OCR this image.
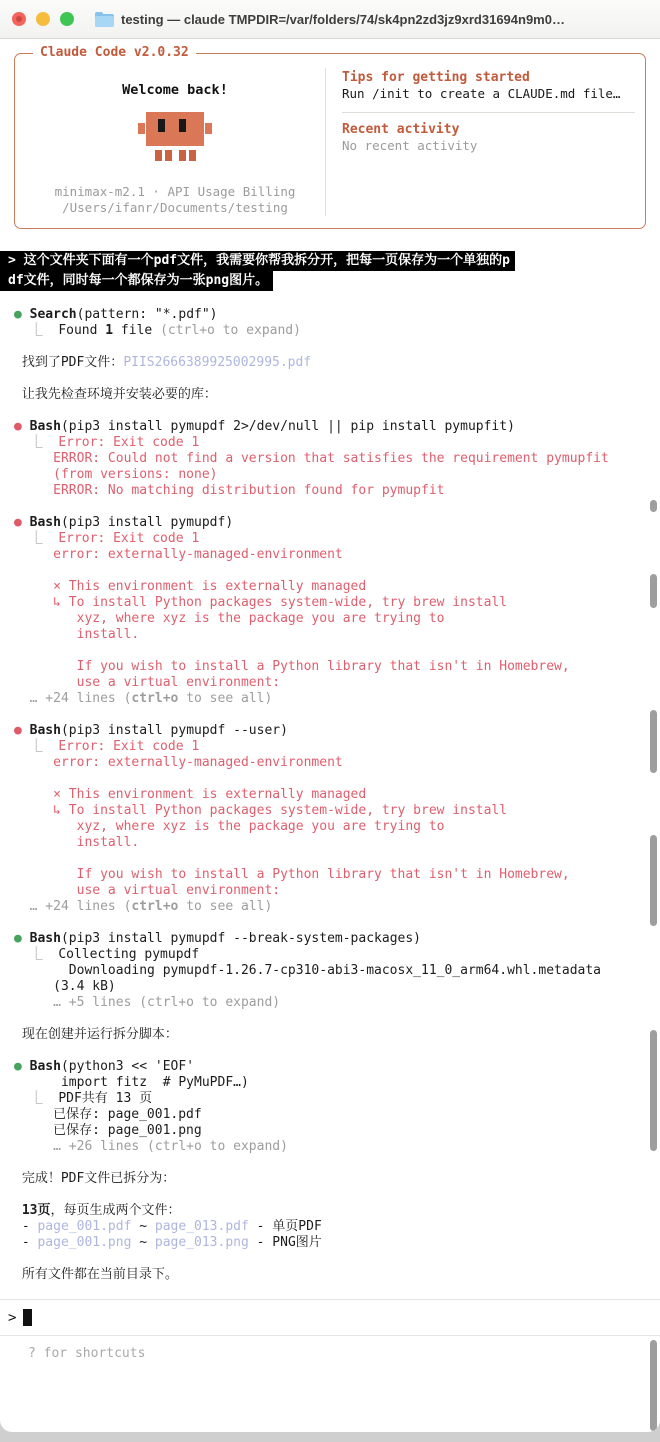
testing — claude TMPDIR=/var/folders/74/sk4pn2zd3jz9xrd31694n9m0…
Claude Code v2.0.32
Welcome back!
minimax-m2.1 · API Usage Billing
/Users/ifanr/Documents/testing
Tips for getting started
Run /init to create a CLAUDE.md file…
Recent activity
No recent activity
> 这个文件夹下面有一个pdf文件，我需要你帮我拆分开，把每一页保存为一个单独的p
df文件，同时每一个都保存为一张png图片。

● Search(pattern: "*.pdf")
⎿  Found 1 file (ctrl+o to expand)

找到了PDF文件：PIIS2666389925002995.pdf

让我先检查环境并安装必要的库：

● Bash(pip3 install pymupdf 2>/dev/null || pip install pymupfit)
⎿  Error: Exit code 1
ERROR: Could not find a version that satisfies the requirement pymupfit
(from versions: none)
ERROR: No matching distribution found for pymupfit

● Bash(pip3 install pymupdf)
⎿  Error: Exit code 1
error: externally-managed-environment

× This environment is externally managed
↳ To install Python packages system-wide, try brew install
xyz, where xyz is the package you are trying to
install.

If you wish to install a Python library that isn't in Homebrew,
use a virtual environment:
… +24 lines (ctrl+o to see all)

● Bash(pip3 install pymupdf --user)
⎿  Error: Exit code 1
error: externally-managed-environment

× This environment is externally managed
↳ To install Python packages system-wide, try brew install
xyz, where xyz is the package you are trying to
install.

If you wish to install a Python library that isn't in Homebrew,
use a virtual environment:
… +24 lines (ctrl+o to see all)

● Bash(pip3 install pymupdf --break-system-packages)
⎿  Collecting pymupdf
Downloading pymupdf-1.26.7-cp310-abi3-macosx_11_0_arm64.whl.metadata
(3.4 kB)
… +5 lines (ctrl+o to expand)

现在创建并运行拆分脚本：

● Bash(python3 << 'EOF'
import fitz  # PyMuPDF…)
⎿  PDF共有 13 页
已保存: page_001.pdf
已保存: page_001.png
… +26 lines (ctrl+o to expand)

完成！PDF文件已拆分为：

13页，每页生成两个文件：
- page_001.pdf ~ page_013.pdf - 单页PDF
- page_001.png ~ page_013.png - PNG图片

所有文件都在当前目录下。
>
? for shortcuts
